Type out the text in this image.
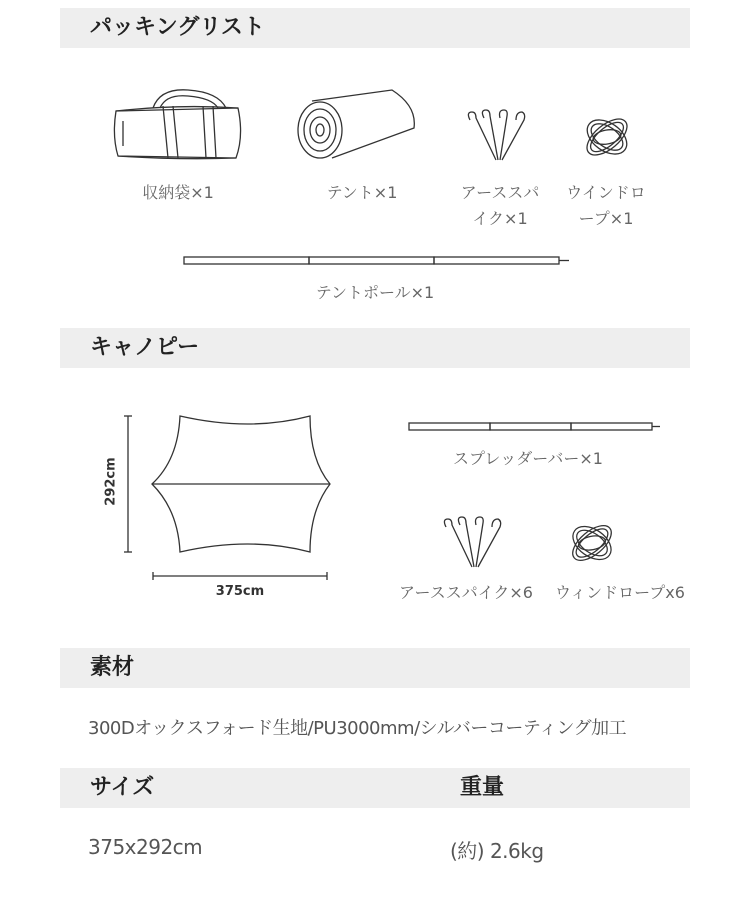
パッキングリスト
収納袋×1	テント×1	アーススパ
イク×1
ウインドロ
ープ×1
テントポール×1
キャノピー
292cm
375cm
スプレッダーバー×1
アーススパイク×6	ウィンドロープx6
素材
300Dオックスフォード生地/PU3000mm/シルバーコーティング加工
サイズ	重量
375x292cm	(約) 2.6kg
